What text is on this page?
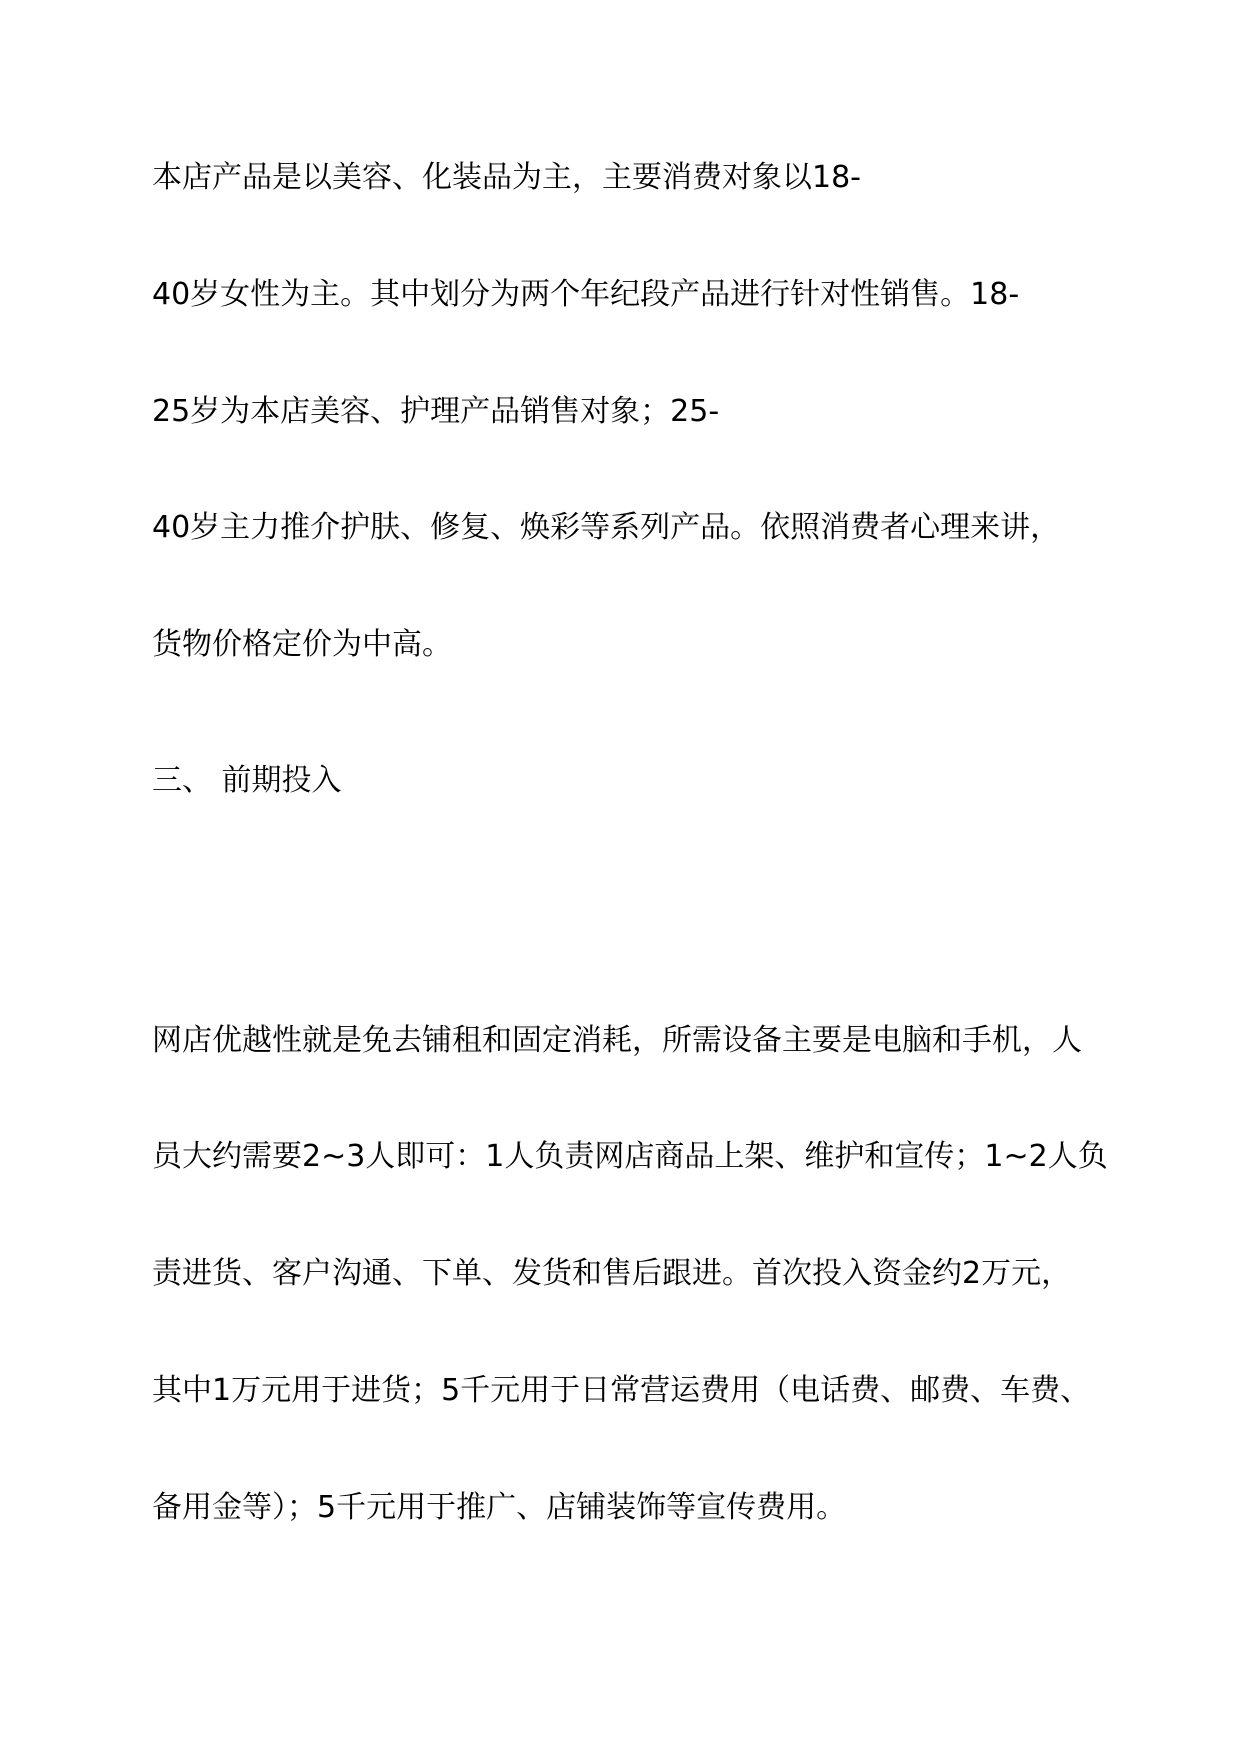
本店产品是以美容、化装品为主，主要消费对象以18-
40岁女性为主。其中划分为两个年纪段产品进行针对性销售。18-
25岁为本店美容、护理产品销售对象；25-
40岁主力推介护肤、修复、焕彩等系列产品。依照消费者心理来讲，
货物价格定价为中高。
三、 前期投入
网店优越性就是免去铺租和固定消耗，所需设备主要是电脑和手机，人
员大约需要2~3人即可：1人负责网店商品上架、维护和宣传；1~2人负
责进货、客户沟通、下单、发货和售后跟进。首次投入资金约2万元，
其中1万元用于进货；5千元用于日常营运费用（电话费、邮费、车费、
备用金等）；5千元用于推广、店铺装饰等宣传费用。
